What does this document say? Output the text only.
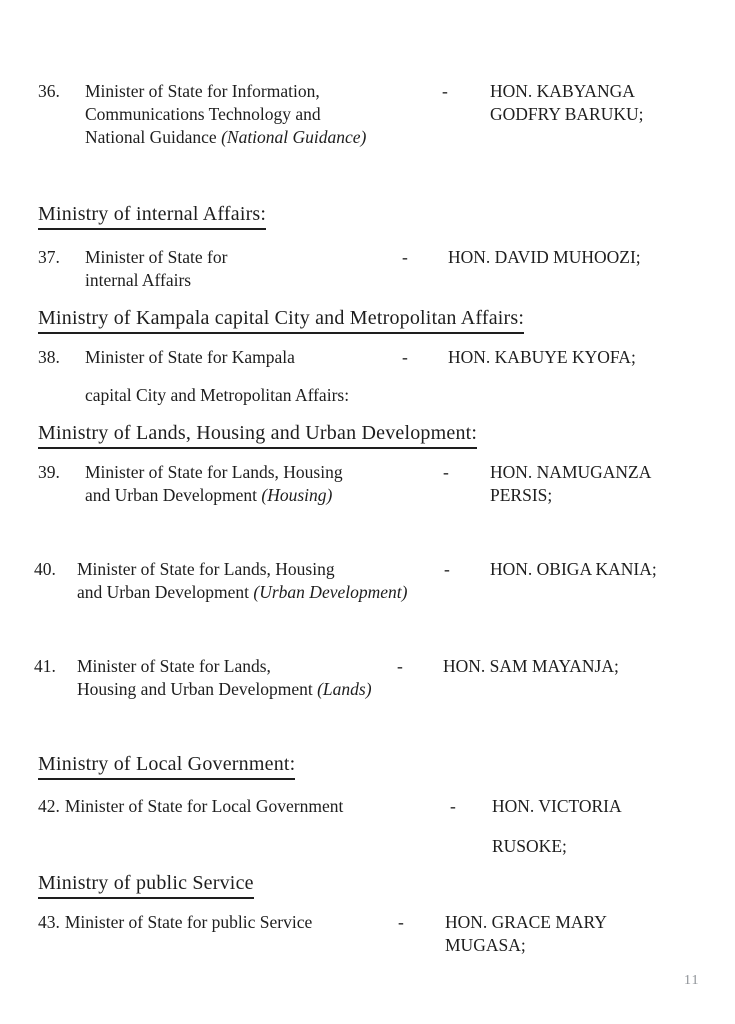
36. Minister of State for Information,
Communications Technology and
National Guidance (National Guidance)
- HON. KABYANGA
GODFRY BARUKU;
Ministry of internal Affairs:
37. Minister of State for
internal Affairs
- HON. DAVID MUHOOZI;
Ministry of Kampala capital City and Metropolitan Affairs:
38. Minister of State for Kampala
capital City and Metropolitan Affairs:
- HON. KABUYE KYOFA;
Ministry of Lands, Housing and Urban Development:
39. Minister of State for Lands, Housing
and Urban Development (Housing)
- HON. NAMUGANZA
PERSIS;
40. Minister of State for Lands, Housing
and Urban Development (Urban Development)
- HON. OBIGA KANIA;
41. Minister of State for Lands,
Housing and Urban Development (Lands)
- HON. SAM MAYANJA;
Ministry of Local Government:
42. Minister of State for Local Government	- HON. VICTORIA
RUSOKE;
Ministry of public Service
43. Minister of State for public Service	- HON. GRACE MARY
MUGASA;
11
